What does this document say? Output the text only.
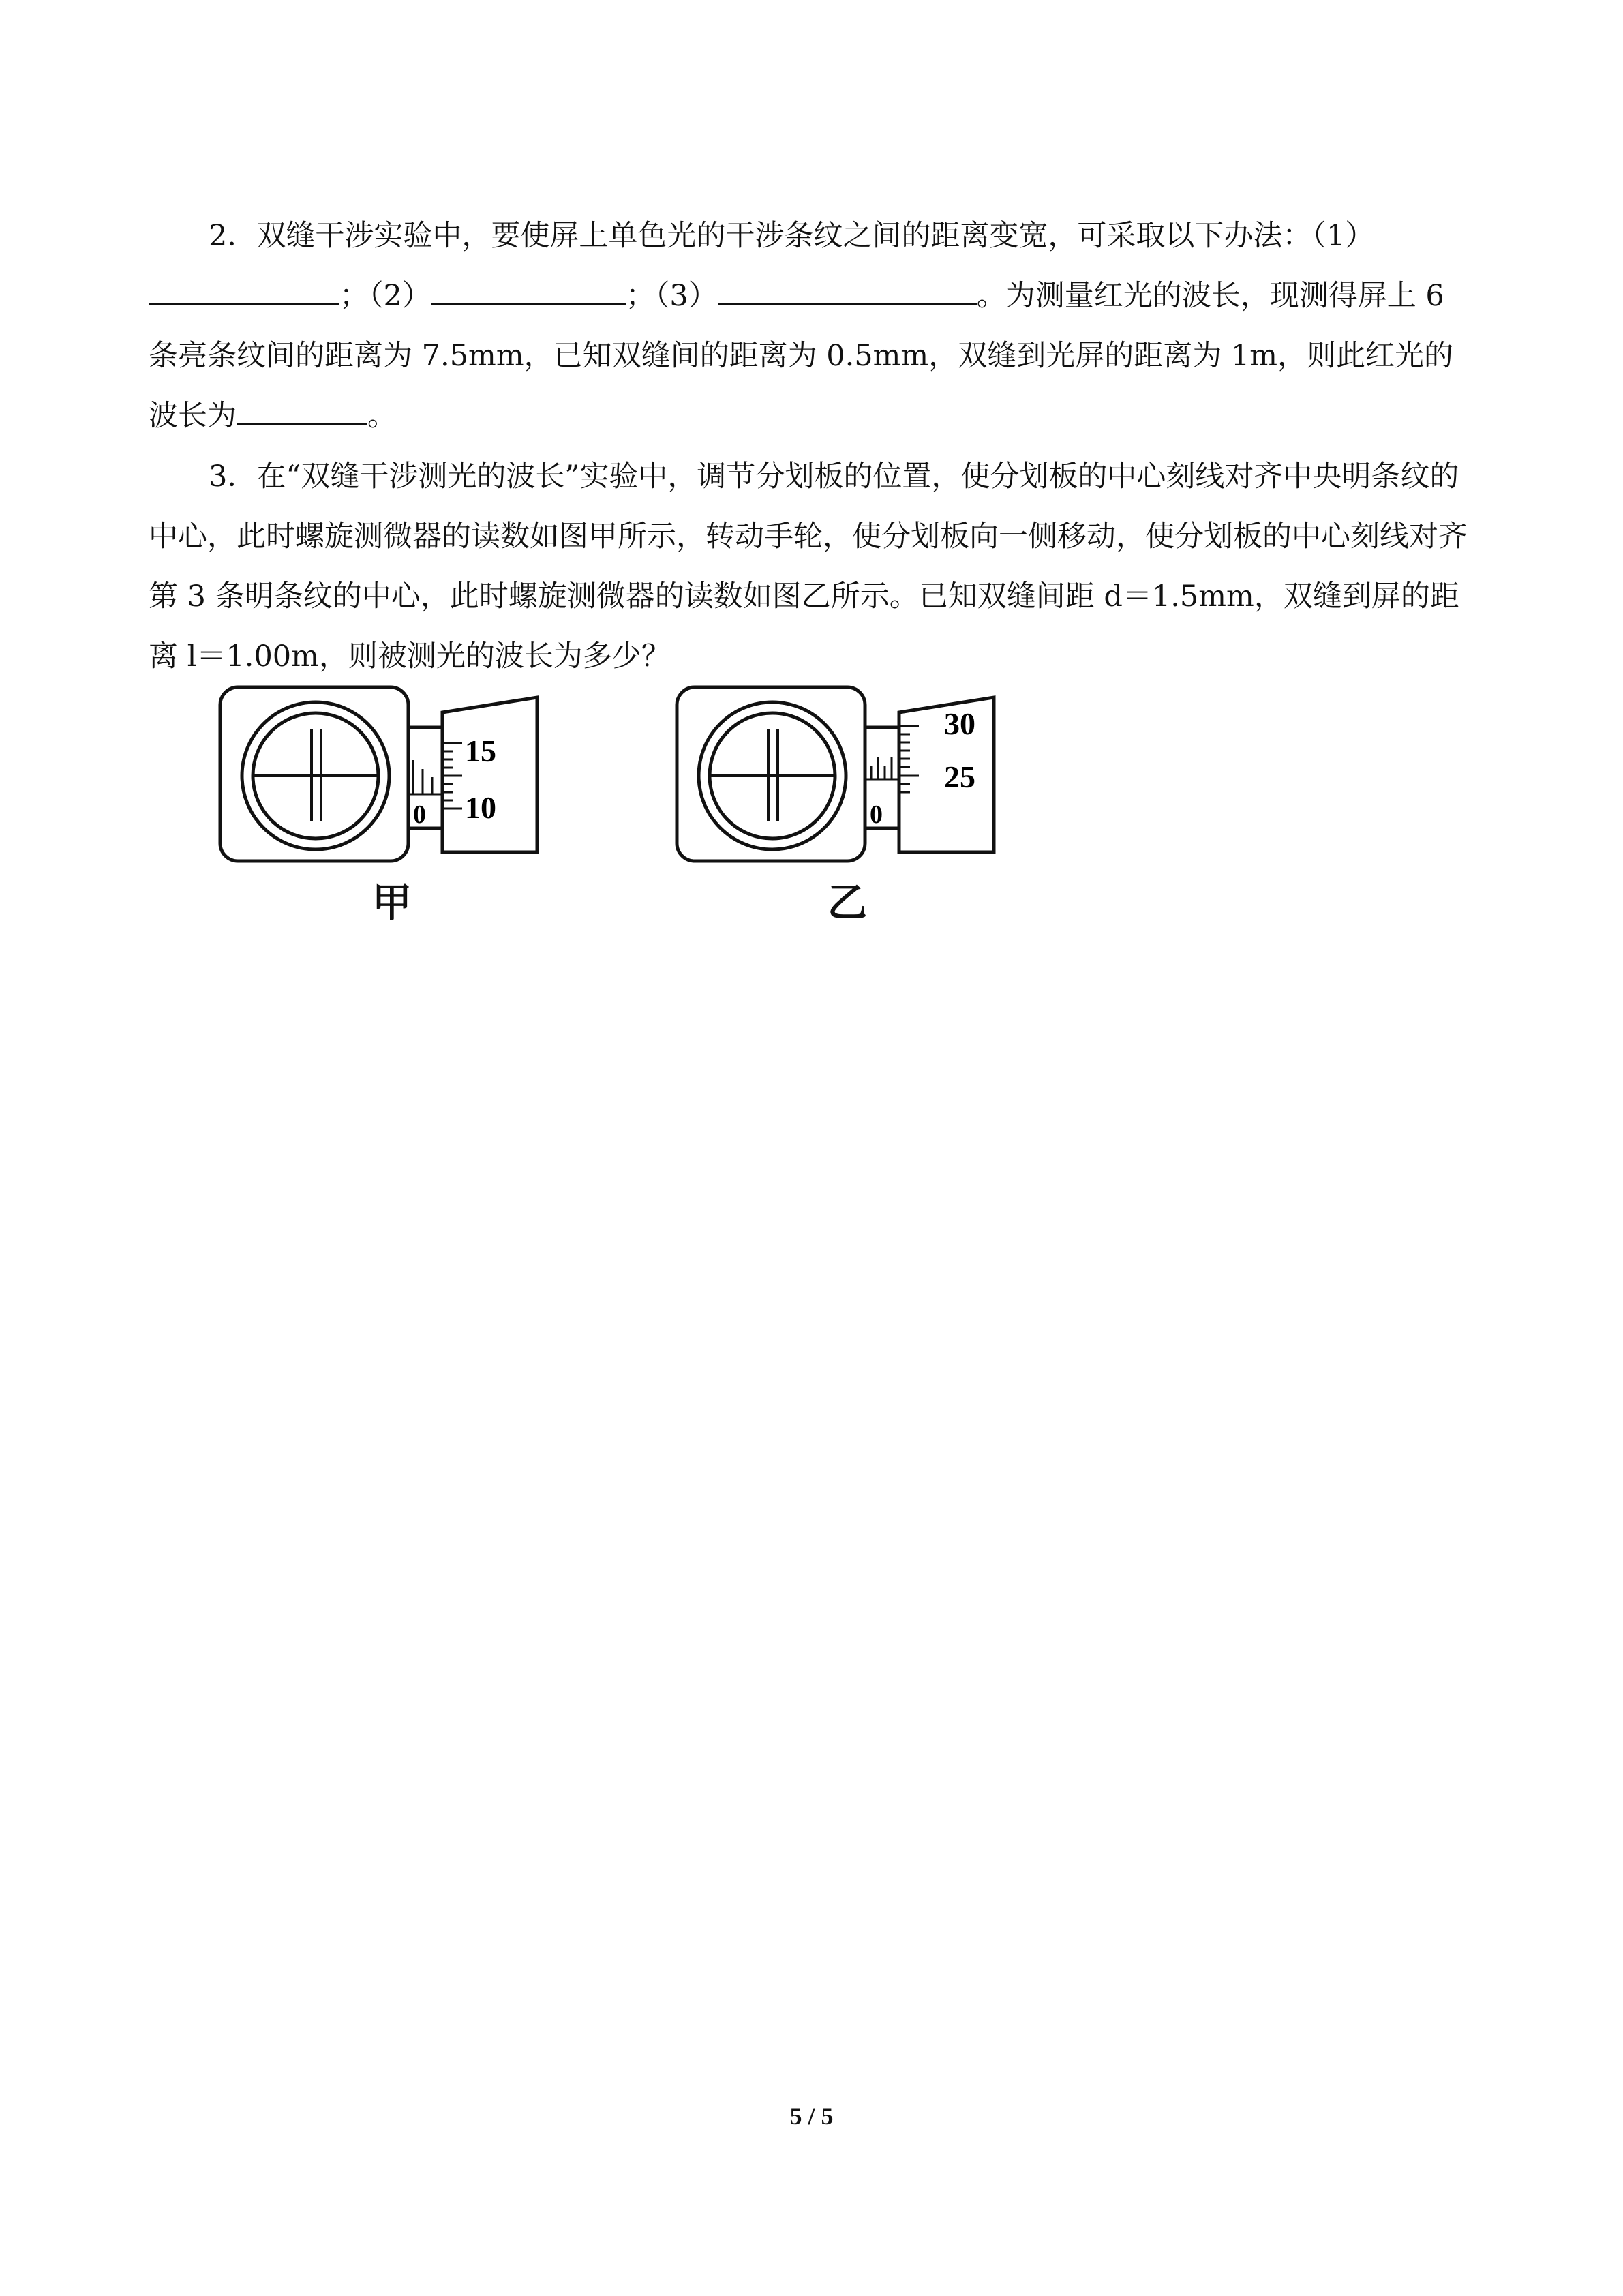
2．双缝干涉实验中，要使屏上单色光的干涉条纹之间的距离变宽，可采取以下办法：（1）；（2）	；（3）	。为测量红光的波长，现测得屏上 6 条亮条纹间的距离为 7.5mm，已知双缝间的距离为 0.5mm，双缝到光屏的距离为 1m，则此红光的波长为	。

3．在“双缝干涉测光的波长”实验中，调节分划板的位置，使分划板的中心刻线对齐中央明条纹的中心，此时螺旋测微器的读数如图甲所示，转动手轮，使分划板向一侧移动，使分划板的中心刻线对齐第 3 条明条纹的中心，此时螺旋测微器的读数如图乙所示。已知双缝间距 d＝1.5mm，双缝到屏的距离 l＝1.00m，则被测光的波长为多少？

0
15
10	0
30
25
甲	乙
5 / 5
